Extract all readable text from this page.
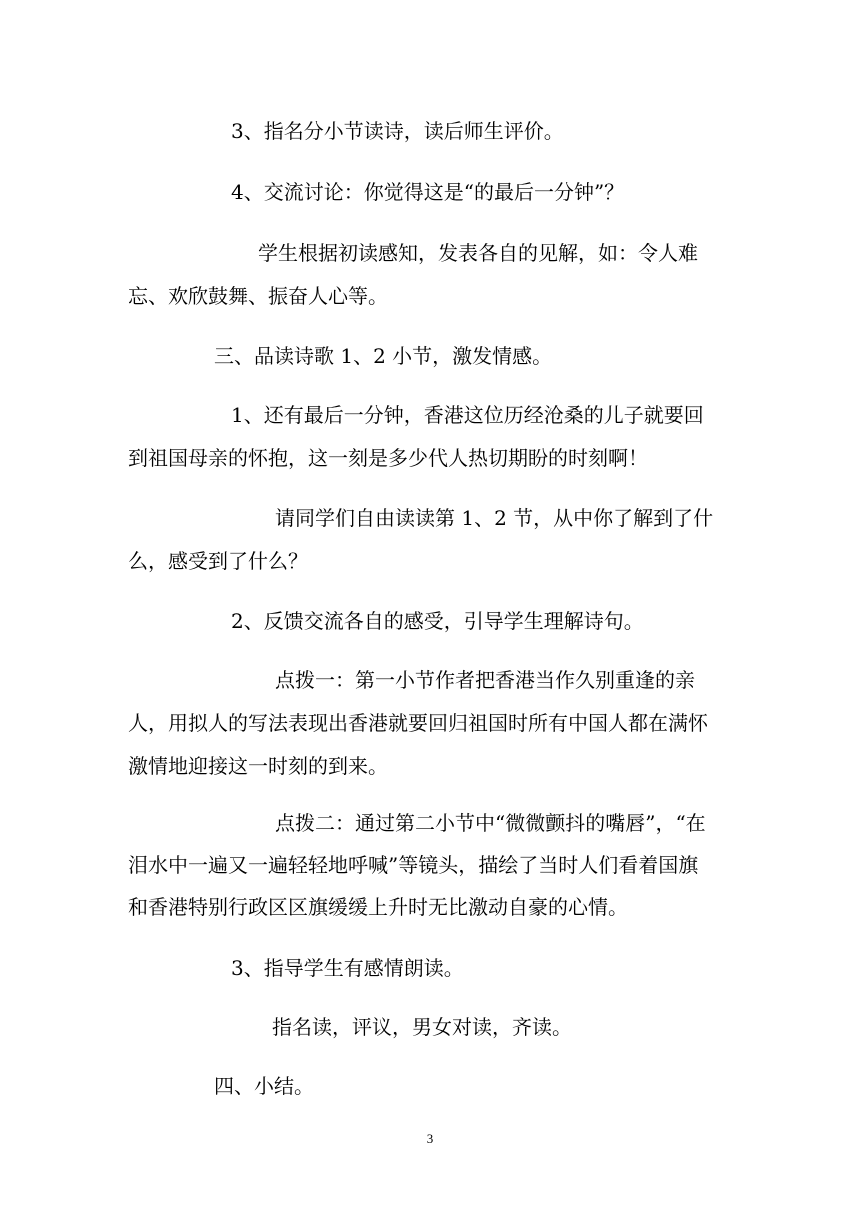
3、指名分小节读诗，读后师生评价。
4、交流讨论：你觉得这是“的最后一分钟”？
学生根据初读感知，发表各自的见解，如：令人难
忘、欢欣鼓舞、振奋人心等。
三、品读诗歌 1、2 小节，激发情感。
1、还有最后一分钟，香港这位历经沧桑的儿子就要回
到祖国母亲的怀抱，这一刻是多少代人热切期盼的时刻啊！
请同学们自由读读第 1、2 节，从中你了解到了什
么，感受到了什么？
2、反馈交流各自的感受，引导学生理解诗句。
点拨一：第一小节作者把香港当作久别重逢的亲
人，用拟人的写法表现出香港就要回归祖国时所有中国人都在满怀
激情地迎接这一时刻的到来。
点拨二：通过第二小节中“微微颤抖的嘴唇”，“在
泪水中一遍又一遍轻轻地呼喊”等镜头，描绘了当时人们看着国旗
和香港特别行政区区旗缓缓上升时无比激动自豪的心情。
3、指导学生有感情朗读。
指名读，评议，男女对读，齐读。
四、小结。
3
